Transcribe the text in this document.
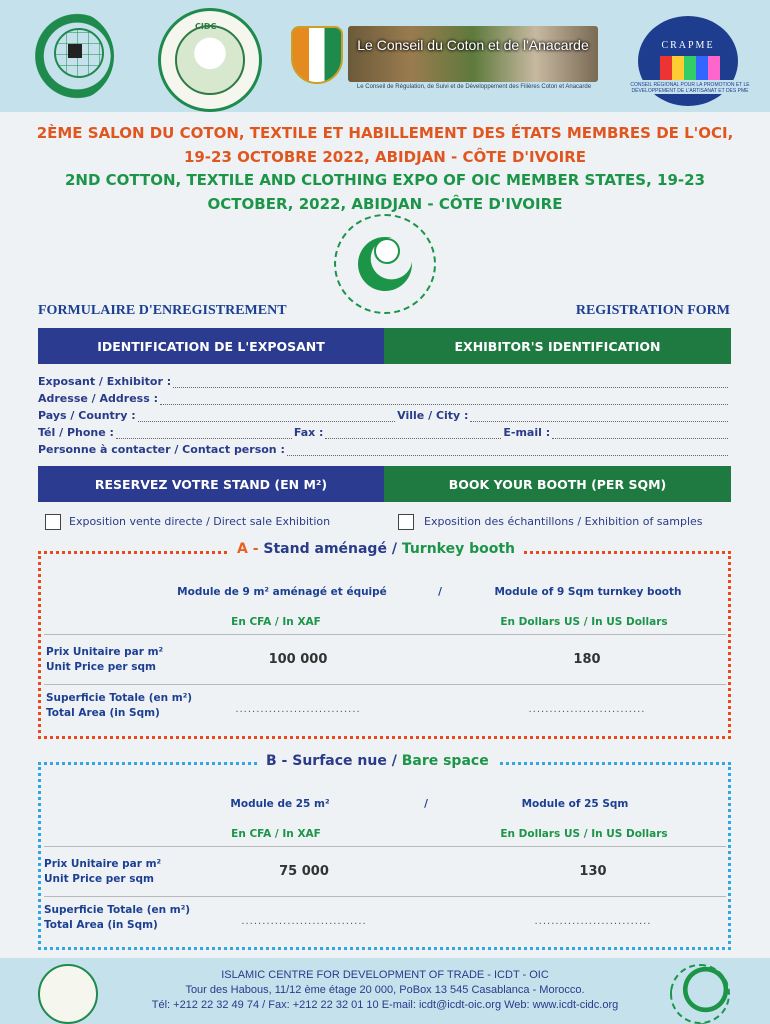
CIDC
Le Conseil du Coton et de l'Anacarde
Le Conseil de Régulation, de Suivi et de Développement des Filières Coton et Anacarde
CRAPME
CONSEIL RÉGIONAL POUR LA PROMOTION ET LE DÉVELOPPEMENT DE L'ARTISANAT ET DES PME
2ÈME SALON DU COTON, TEXTILE ET HABILLEMENT DES ÉTATS MEMBRES DE L'OCI, 19-23 OCTOBRE 2022, ABIDJAN - CÔTE D'IVOIRE
2ND COTTON, TEXTILE AND CLOTHING EXPO OF OIC MEMBER STATES, 19-23 OCTOBER, 2022, ABIDJAN - CÔTE D'IVOIRE
FORMULAIRE D'ENREGISTREMENT	REGISTRATION FORM
IDENTIFICATION DE L'EXPOSANT	EXHIBITOR'S IDENTIFICATION
Exposant / Exhibitor :
Adresse / Address :
Pays / Country :	Ville / City :
Tél / Phone :	Fax :	E-mail :
Personne à contacter / Contact person :
RESERVEZ VOTRE STAND (EN M²)	BOOK YOUR BOOTH (PER SQM)
Exposition vente directe / Direct sale Exhibition	Exposition des échantillons / Exhibition of samples
A - Stand aménagé / Turnkey booth
Module de 9 m² aménagé et équipé	/	Module of 9 Sqm turnkey booth
En CFA / In XAF	En Dollars US / In US Dollars
Prix Unitaire par m²
Unit Price per sqm	100 000	180
Superficie Totale (en m²)
Total Area (in Sqm)	..............................	............................
B - Surface nue / Bare space
Module de 25 m²	/	Module of 25 Sqm
En CFA / In XAF	En Dollars US / In US Dollars
Prix Unitaire par m²
Unit Price per sqm	75 000	130
Superficie Totale (en m²)
Total Area (in Sqm)	..............................	............................
ISLAMIC CENTRE FOR DEVELOPMENT OF TRADE - ICDT - OIC
Tour des Habous, 11/12 ème étage 20 000, PoBox 13 545 Casablanca - Morocco.
Tél: +212 22 32 49 74 / Fax: +212 22 32 01 10 E-mail: icdt@icdt-oic.org Web: www.icdt-cidc.org
